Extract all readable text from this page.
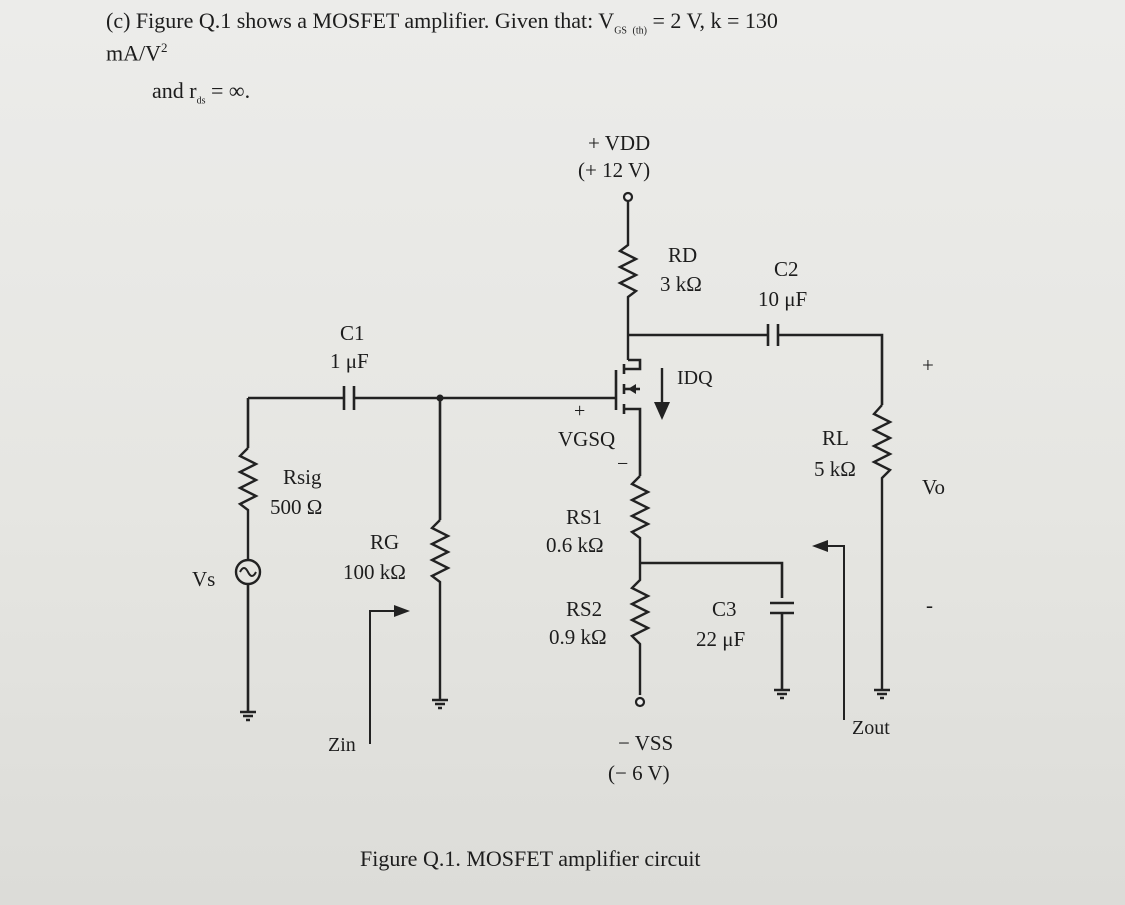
(c) Figure Q.1 shows a MOSFET amplifier. Given that: $V_{GS}$ $_{(th)}$ = 2 V, k = 130
$mA/V^2$
and $r_{ds}$ = ∞.
+ VDD
(+ 12 V)
RD
3 kΩ
C2
10 μF
C1
1 μF
IDQ
+
VGSQ
−
RL
5 kΩ
+
Vo
-
Rsig
500 Ω
RG
100 kΩ
Vs
RS1
0.6 kΩ
RS2
0.9 kΩ
C3
22 μF
Zin
Zout
− VSS
(− 6 V)
Figure Q.1. MOSFET amplifier circuit
